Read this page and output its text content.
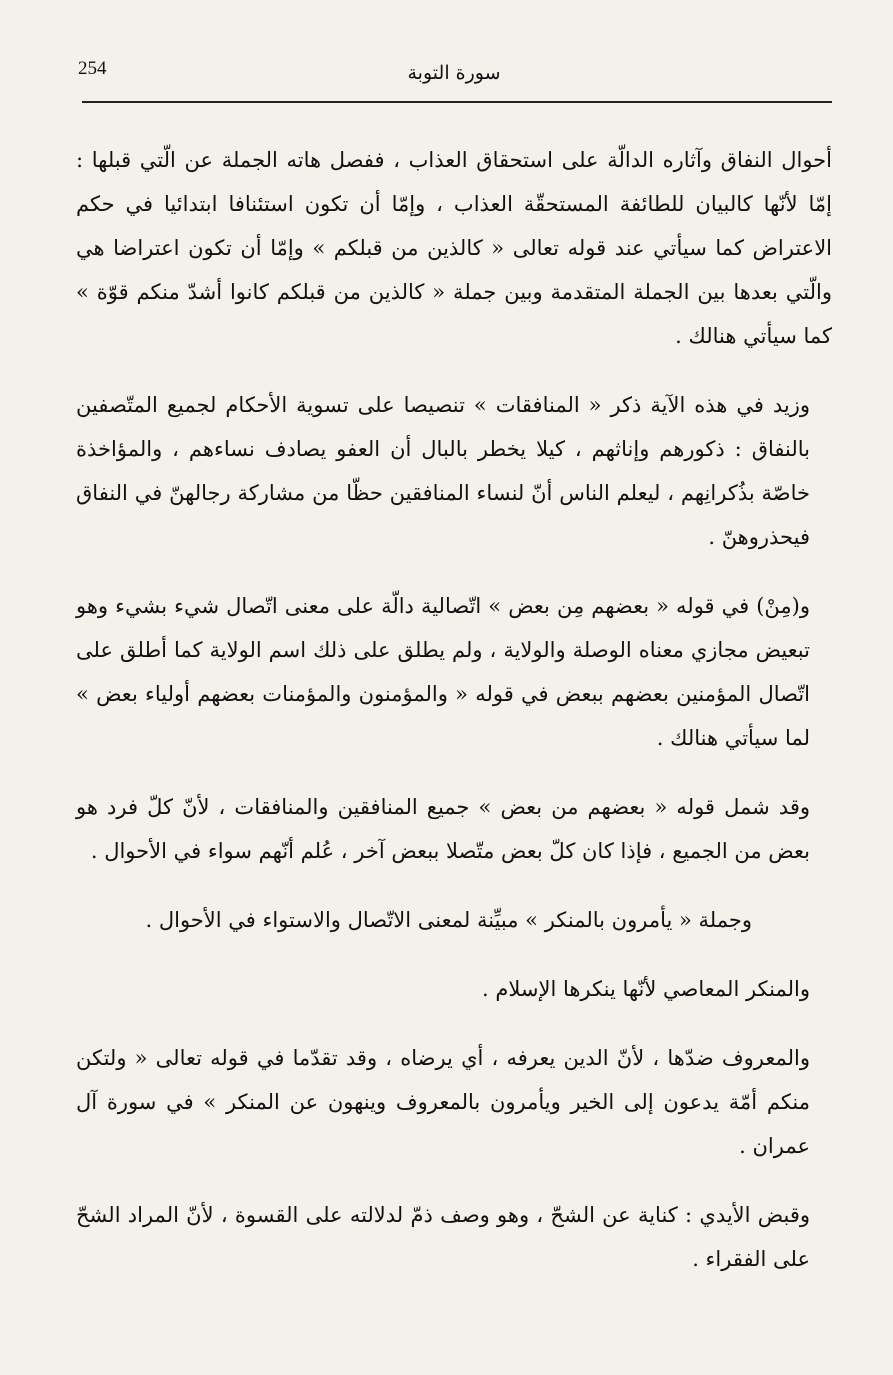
254	سورة التوبة

أحوال النفاق وآثاره الدالّة على استحقاق العذاب ، ففصل هاته الجملة عن الّتي قبلها : إمّا لأنّها كالبيان للطائفة المستحقّة العذاب ، وإمّا أن تكون استئنافا ابتدائيا في حكم الاعتراض كما سيأتي عند قوله تعالى « كالذين من قبلكم » وإمّا أن تكون اعتراضا هي والّتي بعدها بين الجملة المتقدمة وبين جملة « كالذين من قبلكم كانوا أشدّ منكم قوّة » كما سيأتي هنالك .

وزيد في هذه الآية ذكر « المنافقات » تنصيصا على تسوية الأحكام لجميع المتّصفين بالنفاق : ذكورهم وإناثهم ، كيلا يخطر بالبال أن العفو يصادف نساءهم ، والمؤاخذة خاصّة بذُكرانِهم ، ليعلم الناس أنّ لنساء المنافقين حظّا من مشاركة رجالهنّ في النفاق فيحذروهنّ .

و(مِنْ) في قوله « بعضهم مِن بعض » اتّصالية دالّة على معنى اتّصال شيء بشيء وهو تبعيض مجازي معناه الوصلة والولاية ، ولم يطلق على ذلك اسم الولاية كما أطلق على اتّصال المؤمنين بعضهم ببعض في قوله « والمؤمنون والمؤمنات بعضهم أولياء بعض » لما سيأتي هنالك .

وقد شمل قوله « بعضهم من بعض » جميع المنافقين والمنافقات ، لأنّ كلّ فرد هو بعض من الجميع ، فإذا كان كلّ بعض متّصلا ببعض آخر ، عُلم أنّهم سواء في الأحوال .

وجملة « يأمرون بالمنكر » مبيِّنة لمعنى الاتّصال والاستواء في الأحوال .

والمنكر المعاصي لأنّها ينكرها الإسلام .

والمعروف ضدّها ، لأنّ الدين يعرفه ، أي يرضاه ، وقد تقدّما في قوله تعالى « ولتكن منكم أمّة يدعون إلى الخير ويأمرون بالمعروف وينهون عن المنكر » في سورة آل عمران .

وقبض الأيدي : كناية عن الشحّ ، وهو وصف ذمّ لدلالته على القسوة ، لأنّ المراد الشحّ على الفقراء .
